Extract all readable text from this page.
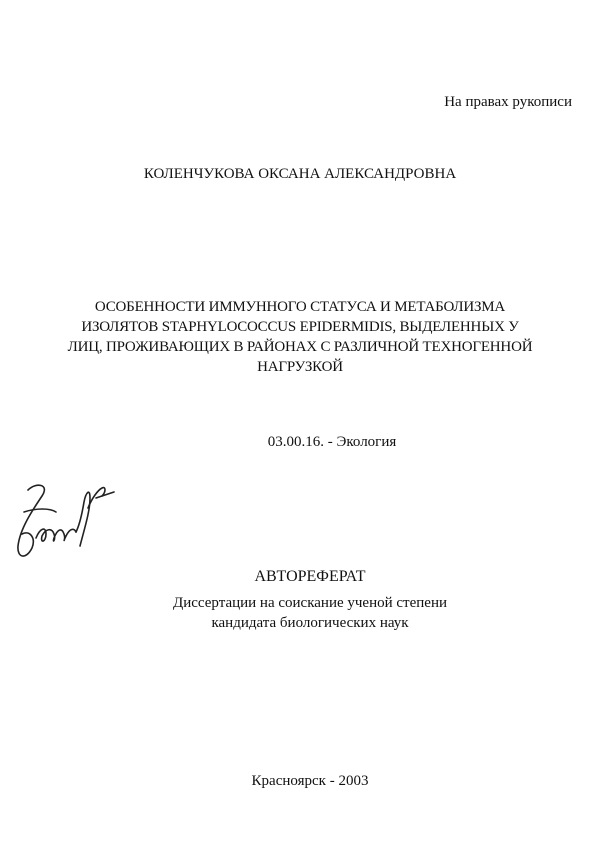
На правах рукописи
КОЛЕНЧУКОВА ОКСАНА АЛЕКСАНДРОВНА
ОСОБЕННОСТИ ИММУННОГО СТАТУСА И МЕТАБОЛИЗМА
ИЗОЛЯТОВ STAPHYLOCOCCUS EPIDERMIDIS, ВЫДЕЛЕННЫХ У
ЛИЦ, ПРОЖИВАЮЩИХ В РАЙОНАХ С РАЗЛИЧНОЙ ТЕХНОГЕННОЙ
НАГРУЗКОЙ
03.00.16. - Экология
АВТОРЕФЕРАТ
Диссертации на соискание ученой степени
кандидата биологических наук
Красноярск - 2003
